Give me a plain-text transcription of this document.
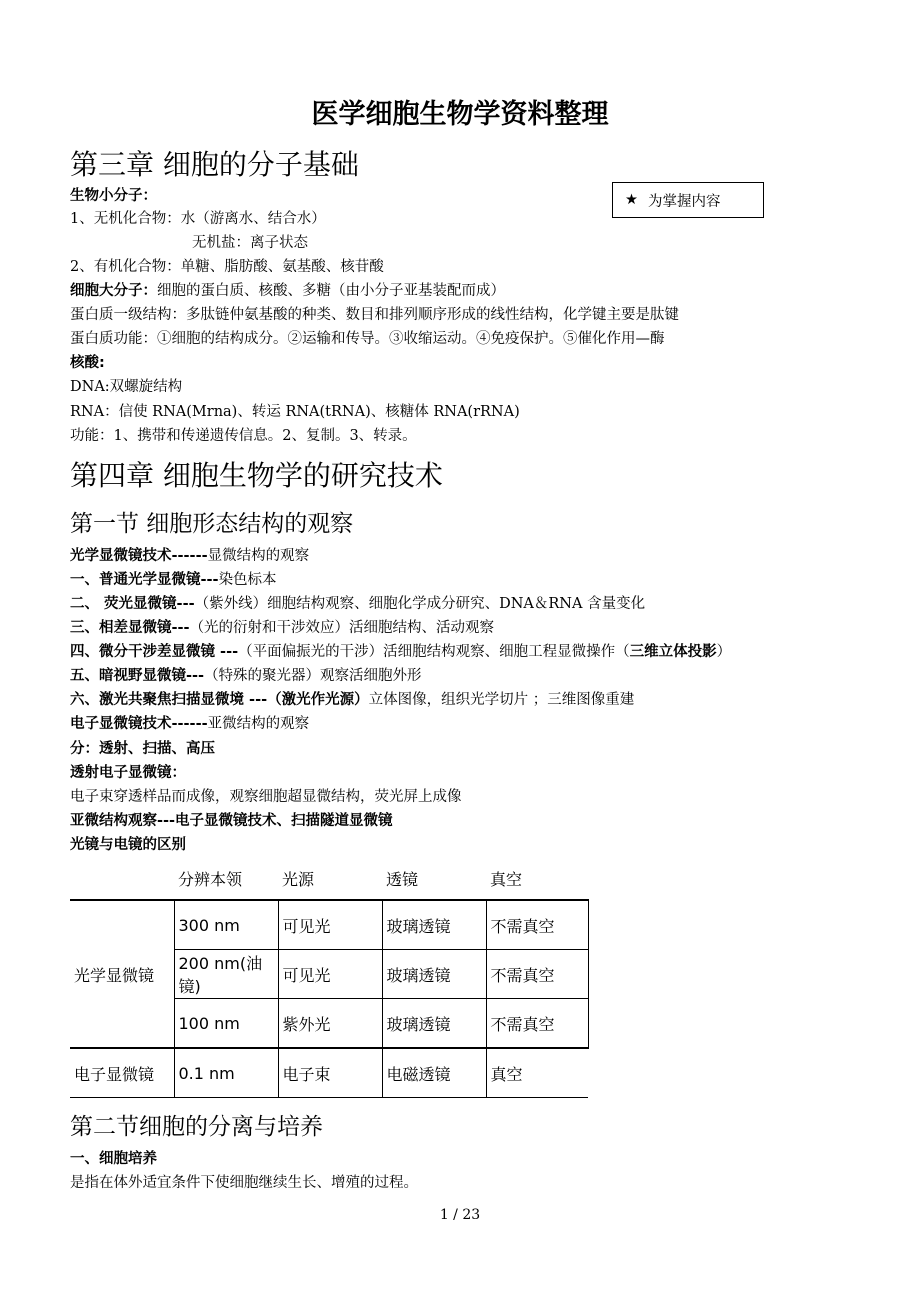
医学细胞生物学资料整理
第三章 细胞的分子基础
★ 为掌握内容
生物小分子：
1、无机化合物：水（游离水、结合水）
无机盐：离子状态
2、有机化合物：单糖、脂肪酸、氨基酸、核苷酸
细胞大分子：细胞的蛋白质、核酸、多糖（由小分子亚基装配而成）
蛋白质一级结构：多肽链仲氨基酸的种类、数目和排列顺序形成的线性结构，化学键主要是肽键
蛋白质功能：①细胞的结构成分。②运输和传导。③收缩运动。④免疫保护。⑤催化作用—酶
核酸:
DNA:双螺旋结构
RNA：信使 RNA(Mrna)、转运 RNA(tRNA)、核糖体 RNA(rRNA)
功能：1、携带和传递遗传信息。2、复制。3、转录。
第四章 细胞生物学的研究技术
第一节 细胞形态结构的观察
光学显微镜技术------显微结构的观察
一、普通光学显微镜---染色标本
二、 荧光显微镜---（紫外线）细胞结构观察、细胞化学成分研究、DNA＆RNA 含量变化
三、相差显微镜---（光的衍射和干涉效应）活细胞结构、活动观察
四、微分干涉差显微镜 ---（平面偏振光的干涉）活细胞结构观察、细胞工程显微操作（三维立体投影）
五、暗视野显微镜---（特殊的聚光器）观察活细胞外形
六、激光共聚焦扫描显微境 ---（激光作光源）立体图像，组织光学切片 ；三维图像重建
电子显微镜技术------亚微结构的观察
分：透射、扫描、高压
透射电子显微镜：
电子束穿透样品而成像，观察细胞超显微结构，荧光屏上成像
亚微结构观察---电子显微镜技术、扫描隧道显微镜
光镜与电镜的区别
	分辨本领	光源	透镜	真空
光学显微镜	300 nm	可见光	玻璃透镜	不需真空
	200 nm(油镜)	可见光	玻璃透镜	不需真空
	100 nm	紫外光	玻璃透镜	不需真空
电子显微镜	0.1 nm	电子束	电磁透镜	真空
第二节细胞的分离与培养
一、细胞培养
是指在体外适宜条件下使细胞继续生长、增殖的过程。
1 / 23
